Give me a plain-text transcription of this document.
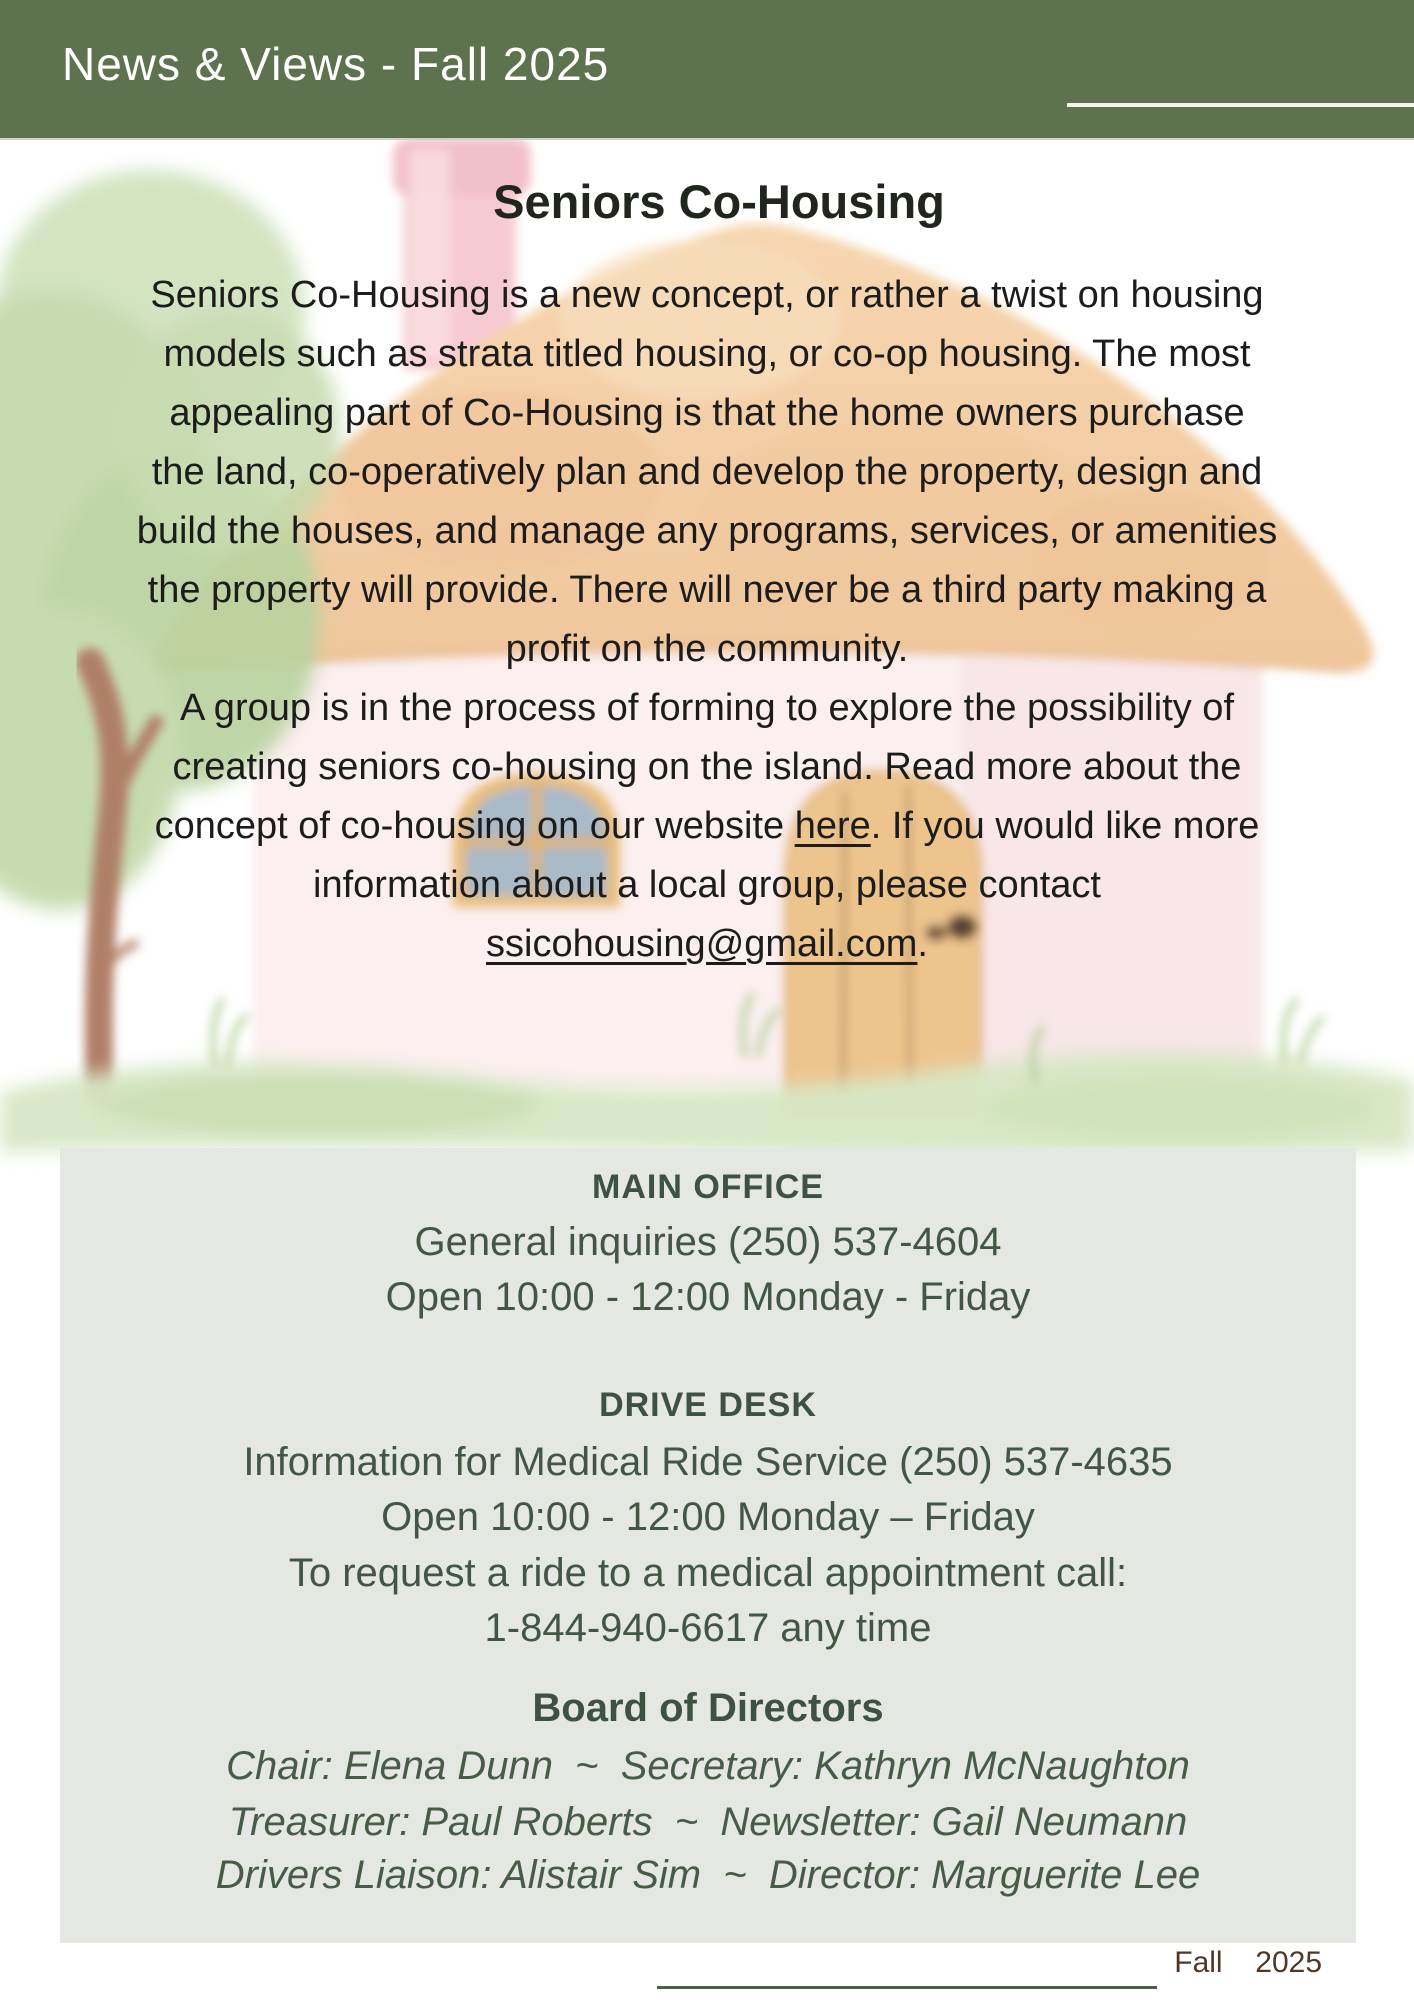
News & Views - Fall 2025
Seniors Co-Housing
Seniors Co-Housing is a new concept, or rather a twist on housing
models such as strata titled housing, or co-op housing. The most
appealing part of Co-Housing is that the home owners purchase
the land, co-operatively plan and develop the property, design and
build the houses, and manage any programs, services, or amenities
the property will provide. There will never be a third party making a
profit on the community.
A group is in the process of forming to explore the possibility of
creating seniors co-housing on the island. Read more about the
concept of co-housing on our website here. If you would like more
information about a local group, please contact
ssicohousing@gmail.com.
MAIN OFFICE
General inquiries (250) 537-4604
Open 10:00 - 12:00 Monday - Friday
DRIVE DESK
Information for Medical Ride Service (250) 537-4635
Open 10:00 - 12:00 Monday – Friday
To request a ride to a medical appointment call:
1-844-940-6617 any time
Board of Directors
Chair: Elena Dunn  ~  Secretary: Kathryn McNaughton
Treasurer: Paul Roberts  ~  Newsletter: Gail Neumann
Drivers Liaison: Alistair Sim  ~  Director: Marguerite Lee
Fall  2025
